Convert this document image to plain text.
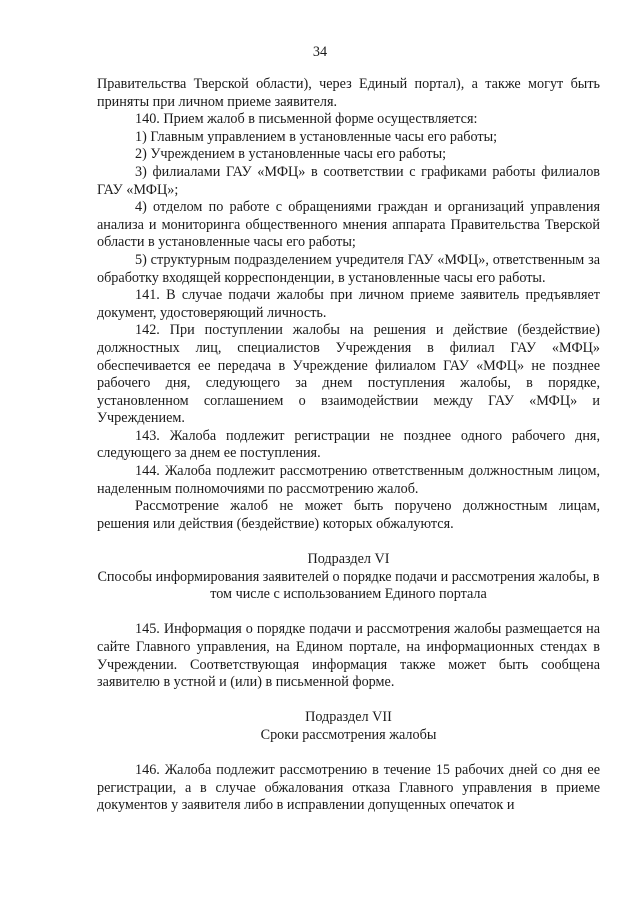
34

Правительства Тверской области), через Единый портал), а также могут быть приняты при личном приеме заявителя.

140. Прием жалоб в письменной форме осуществляется:

1) Главным управлением в установленные часы его работы;

2) Учреждением в установленные часы его работы;

3) филиалами ГАУ «МФЦ» в соответствии с графиками работы филиалов ГАУ «МФЦ»;

4) отделом по работе с обращениями граждан и организаций управления анализа и мониторинга общественного мнения аппарата Правительства Тверской области в установленные часы его работы;

5) структурным подразделением учредителя ГАУ «МФЦ», ответственным за обработку входящей корреспонденции, в установленные часы его работы.

141. В случае подачи жалобы при личном приеме заявитель предъявляет документ, удостоверяющий личность.

142. При поступлении жалобы на решения и действие (бездействие) должностных лиц, специалистов Учреждения в филиал ГАУ «МФЦ» обеспечивается ее передача в Учреждение филиалом ГАУ «МФЦ» не позднее рабочего дня, следующего за днем поступления жалобы, в порядке, установленном соглашением о взаимодействии между ГАУ «МФЦ» и Учреждением.

143. Жалоба подлежит регистрации не позднее одного рабочего дня, следующего за днем ее поступления.

144. Жалоба подлежит рассмотрению ответственным должностным лицом, наделенным полномочиями по рассмотрению жалоб.

Рассмотрение жалоб не может быть поручено должностным лицам, решения или действия (бездействие) которых обжалуются.

Подраздел VI

Способы информирования заявителей о порядке подачи и рассмотрения жалобы, в том числе с использованием Единого портала

145. Информация о порядке подачи и рассмотрения жалобы размещается на сайте Главного управления, на Едином портале, на информационных стендах в Учреждении. Соответствующая информация также может быть сообщена заявителю в устной и (или) в письменной форме.

Подраздел VII

Сроки рассмотрения жалобы

146. Жалоба подлежит рассмотрению в течение 15 рабочих дней со дня ее регистрации, а в случае обжалования отказа Главного управления в приеме документов у заявителя либо в исправлении допущенных опечаток и
